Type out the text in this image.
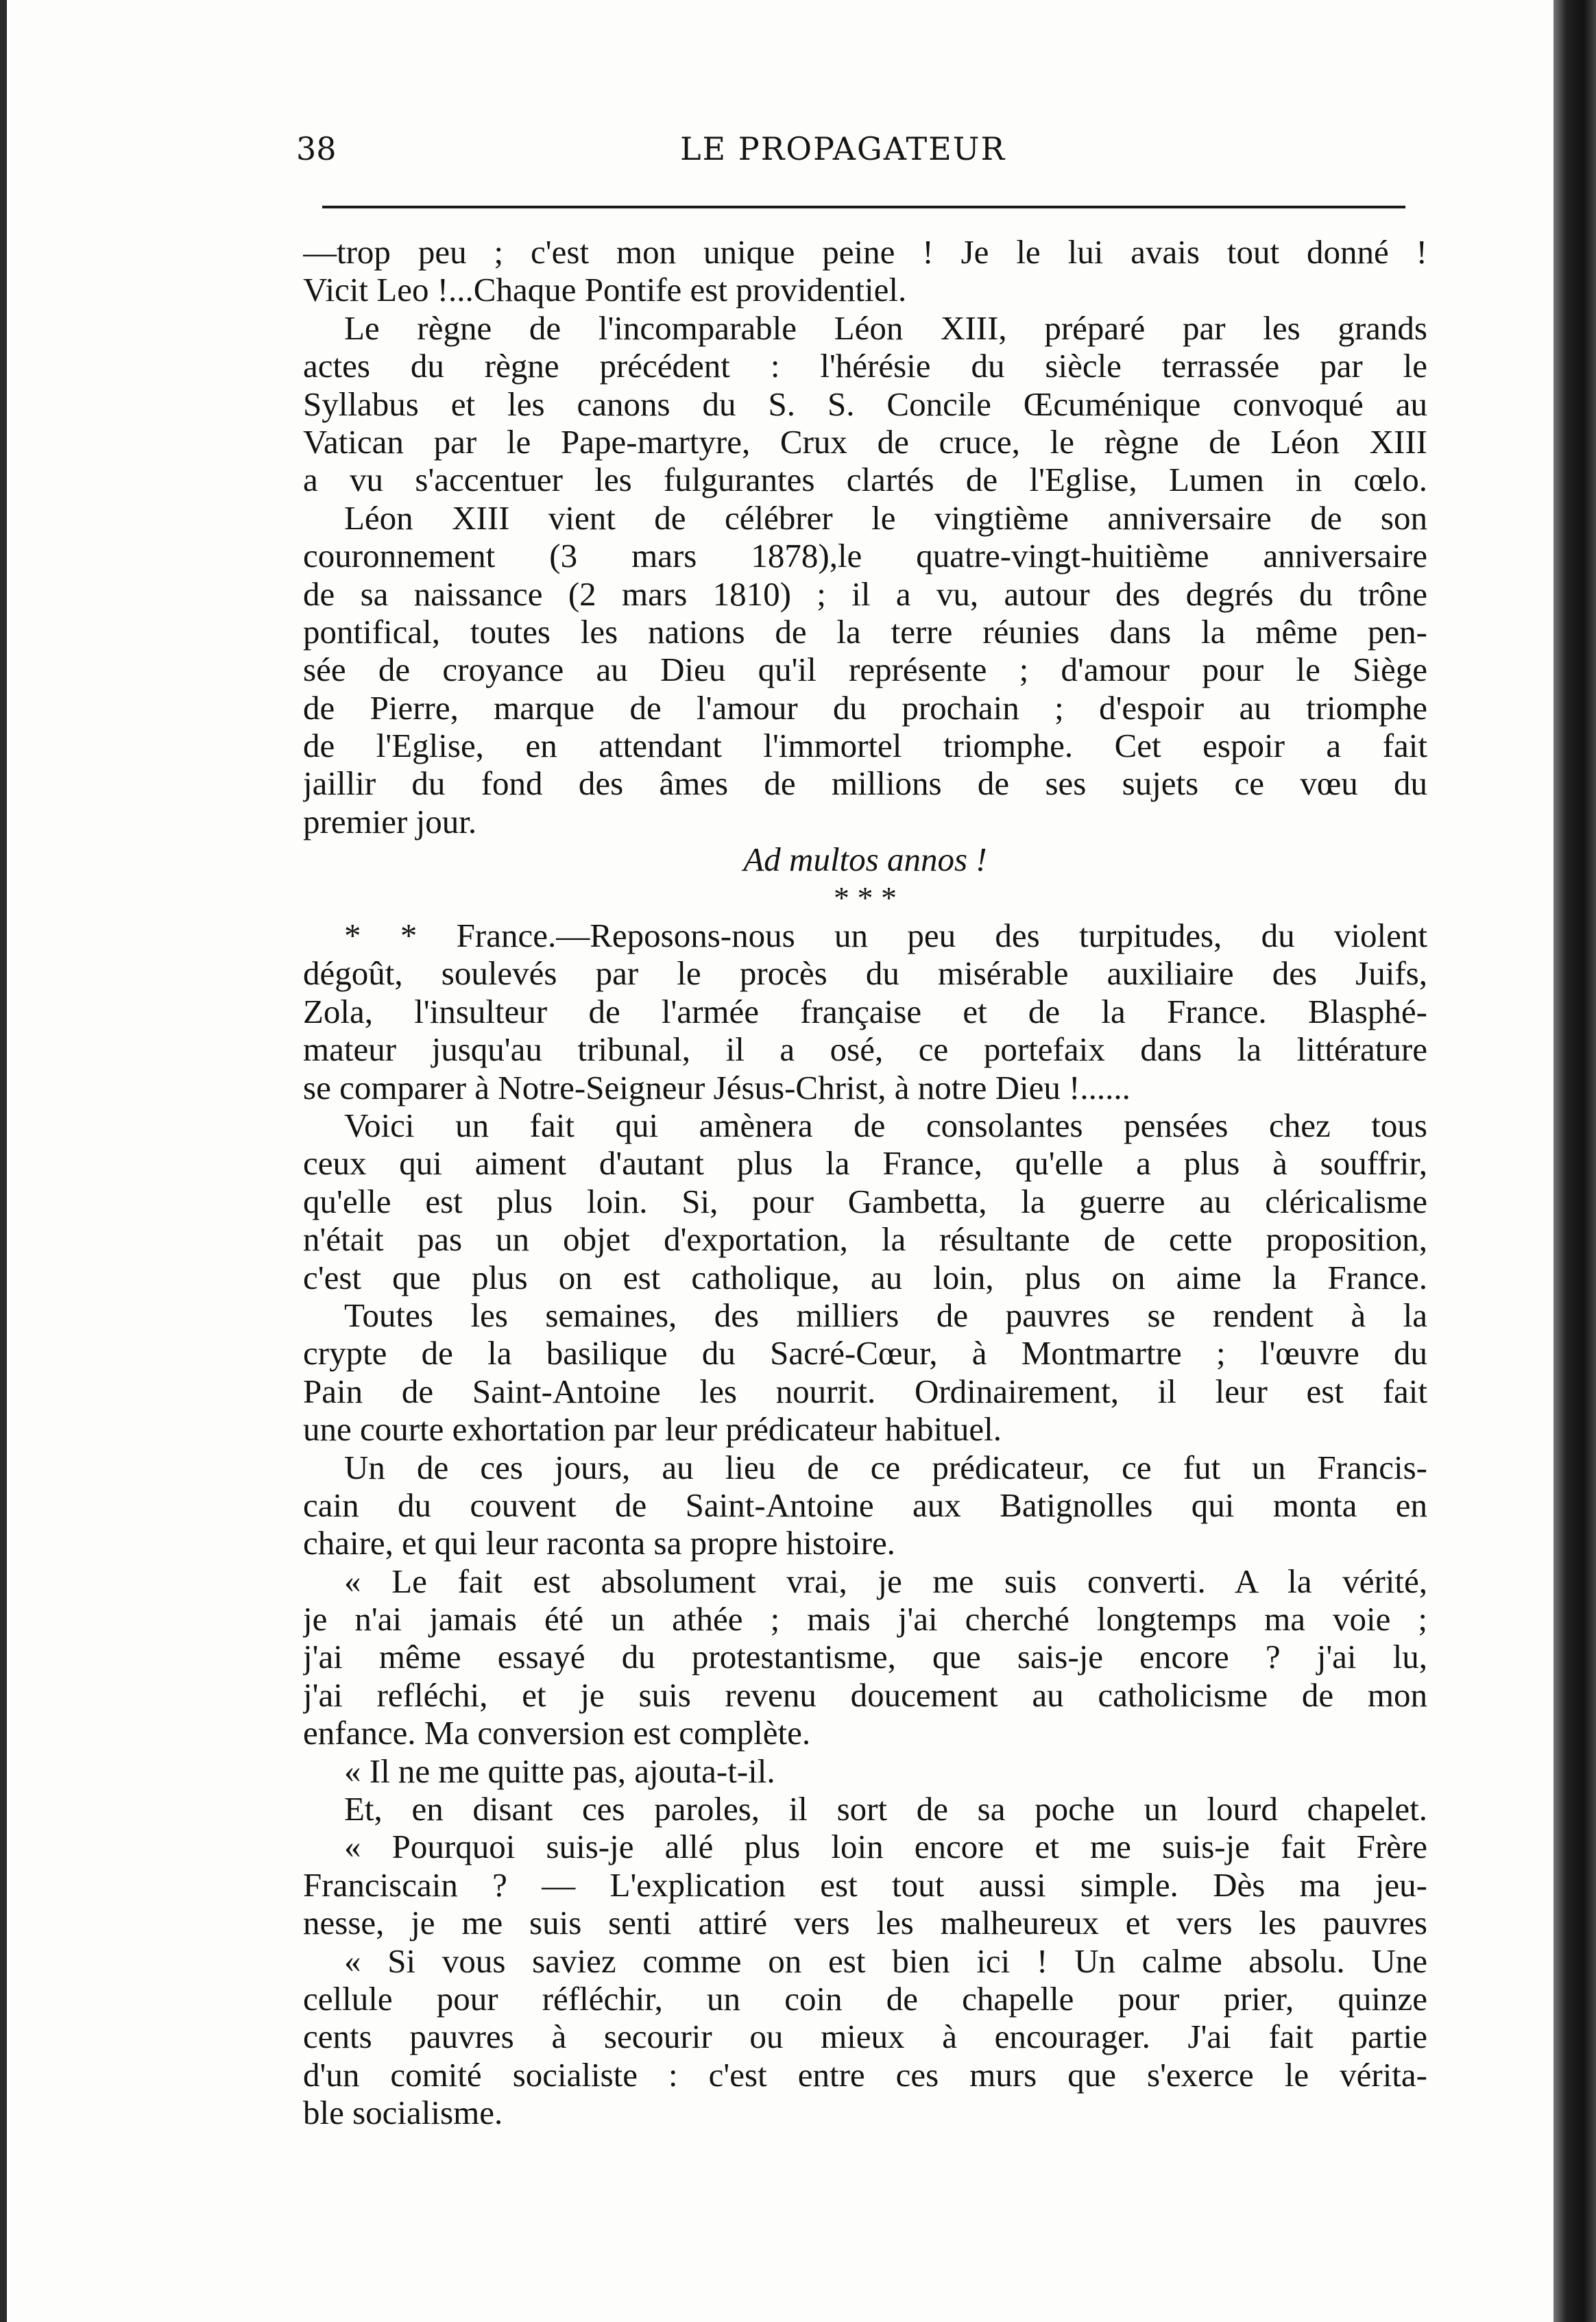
38	LE PROPAGATEUR
—trop peu ; c'est mon unique peine ! Je le lui avais tout donné !
Vicit Leo !...Chaque Pontife est providentiel.
Le règne de l'incomparable Léon XIII, préparé par les grands
actes du règne précédent : l'hérésie du siècle terrassée par le
Syllabus et les canons du S. S. Concile Œcuménique convoqué au
Vatican par le Pape-martyre, Crux de cruce, le règne de Léon XIII
a vu s'accentuer les fulgurantes clartés de l'Eglise, Lumen in cœlo.
Léon XIII vient de célébrer le vingtième anniversaire de son
couronnement (3 mars 1878),le quatre-vingt-huitième anniversaire
de sa naissance (2 mars 1810) ; il a vu, autour des degrés du trône
pontifical, toutes les nations de la terre réunies dans la même pen-
sée de croyance au Dieu qu'il représente ; d'amour pour le Siège
de Pierre, marque de l'amour du prochain ; d'espoir au triomphe
de l'Eglise, en attendant l'immortel triomphe. Cet espoir a fait
jaillir du fond des âmes de millions de ses sujets ce vœu du
premier jour.
Ad multos annos !
* * *
* * France.—Reposons-nous un peu des turpitudes, du violent
dégoût, soulevés par le procès du misérable auxiliaire des Juifs,
Zola, l'insulteur de l'armée française et de la France. Blasphé-
mateur jusqu'au tribunal, il a osé, ce portefaix dans la littérature
se comparer à Notre-Seigneur Jésus-Christ, à notre Dieu !......
Voici un fait qui amènera de consolantes pensées chez tous
ceux qui aiment d'autant plus la France, qu'elle a plus à souffrir,
qu'elle est plus loin. Si, pour Gambetta, la guerre au cléricalisme
n'était pas un objet d'exportation, la résultante de cette proposition,
c'est que plus on est catholique, au loin, plus on aime la France.
Toutes les semaines, des milliers de pauvres se rendent à la
crypte de la basilique du Sacré-Cœur, à Montmartre ; l'œuvre du
Pain de Saint-Antoine les nourrit. Ordinairement, il leur est fait
une courte exhortation par leur prédicateur habituel.
Un de ces jours, au lieu de ce prédicateur, ce fut un Francis-
cain du couvent de Saint-Antoine aux Batignolles qui monta en
chaire, et qui leur raconta sa propre histoire.
« Le fait est absolument vrai, je me suis converti. A la vérité,
je n'ai jamais été un athée ; mais j'ai cherché longtemps ma voie ;
j'ai même essayé du protestantisme, que sais-je encore ? j'ai lu,
j'ai refléchi, et je suis revenu doucement au catholicisme de mon
enfance. Ma conversion est complète.
« Il ne me quitte pas, ajouta-t-il.
Et, en disant ces paroles, il sort de sa poche un lourd chapelet.
« Pourquoi suis-je allé plus loin encore et me suis-je fait Frère
Franciscain ? — L'explication est tout aussi simple. Dès ma jeu-
nesse, je me suis senti attiré vers les malheureux et vers les pauvres
« Si vous saviez comme on est bien ici ! Un calme absolu. Une
cellule pour réfléchir, un coin de chapelle pour prier, quinze
cents pauvres à secourir ou mieux à encourager. J'ai fait partie
d'un comité socialiste : c'est entre ces murs que s'exerce le vérita-
ble socialisme.
